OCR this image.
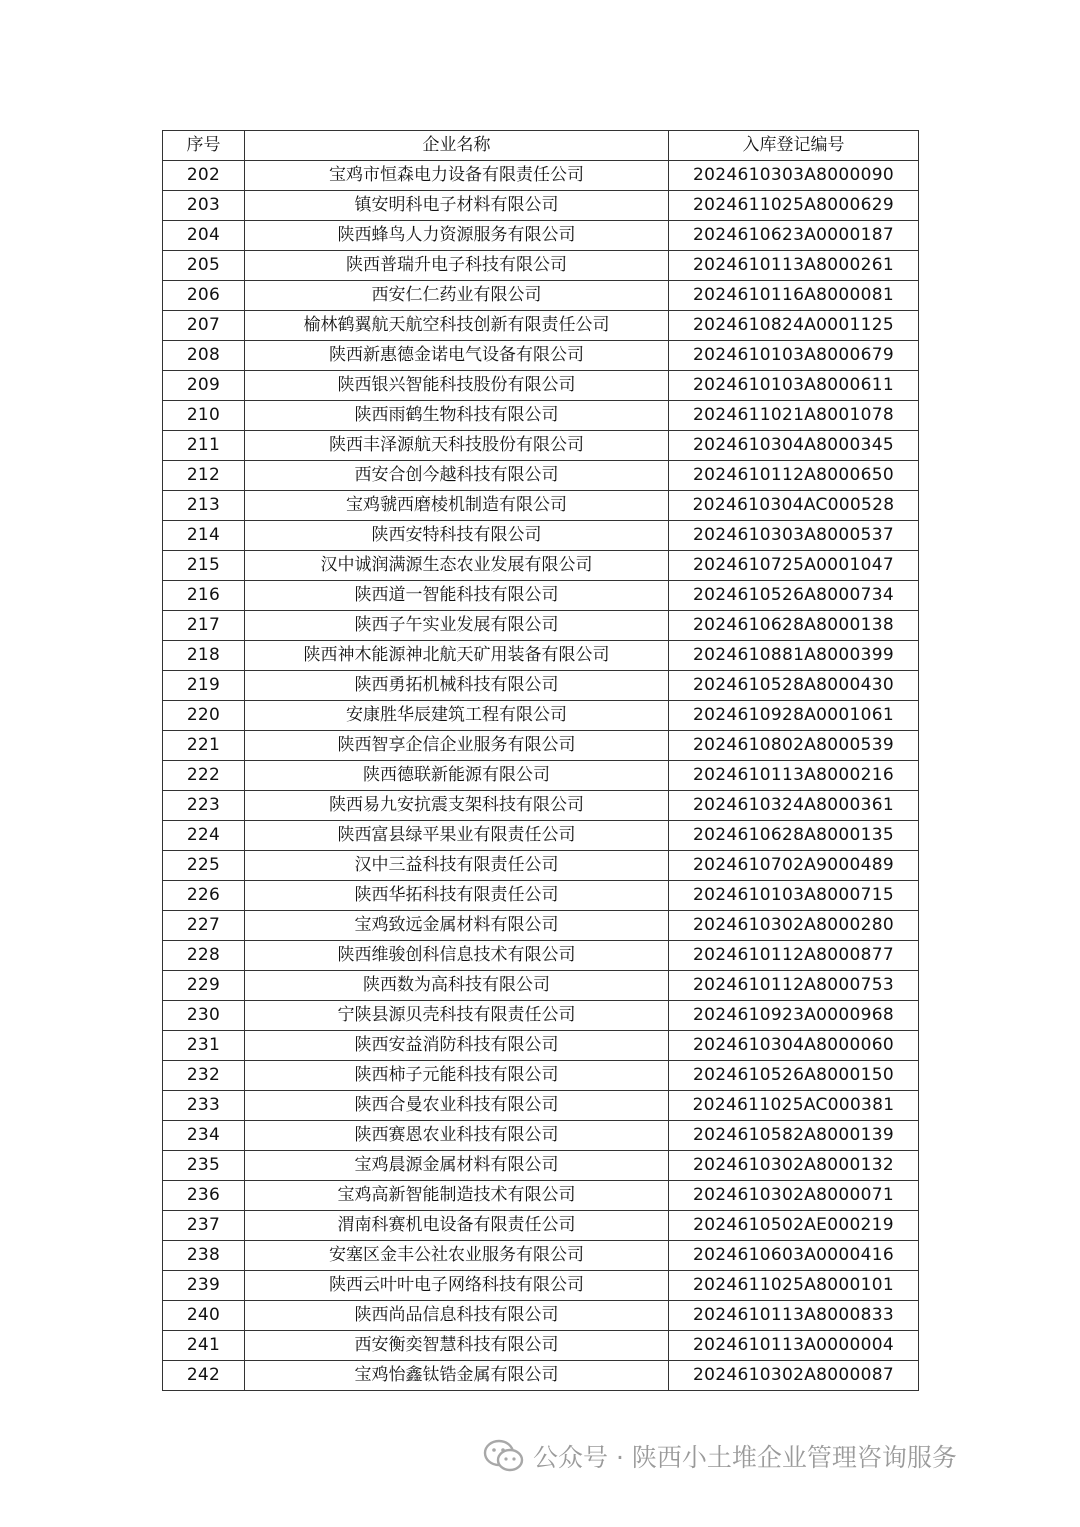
序号	企业名称	入库登记编号
202	宝鸡市恒森电力设备有限责任公司	2024610303A8000090
203	镇安明科电子材料有限公司	2024611025A8000629
204	陕西蜂鸟人力资源服务有限公司	2024610623A0000187
205	陕西普瑞升电子科技有限公司	2024610113A8000261
206	西安仁仁药业有限公司	2024610116A8000081
207	榆林鹤翼航天航空科技创新有限责任公司	2024610824A0001125
208	陕西新惠德金诺电气设备有限公司	2024610103A8000679
209	陕西银兴智能科技股份有限公司	2024610103A8000611
210	陕西雨鹤生物科技有限公司	2024611021A8001078
211	陕西丰泽源航天科技股份有限公司	2024610304A8000345
212	西安合创今越科技有限公司	2024610112A8000650
213	宝鸡虢西磨棱机制造有限公司	2024610304AC000528
214	陕西安特科技有限公司	2024610303A8000537
215	汉中诚润满源生态农业发展有限公司	2024610725A0001047
216	陕西道一智能科技有限公司	2024610526A8000734
217	陕西子午实业发展有限公司	2024610628A8000138
218	陕西神木能源神北航天矿用装备有限公司	2024610881A8000399
219	陕西勇拓机械科技有限公司	2024610528A8000430
220	安康胜华辰建筑工程有限公司	2024610928A0001061
221	陕西智享企信企业服务有限公司	2024610802A8000539
222	陕西德联新能源有限公司	2024610113A8000216
223	陕西易九安抗震支架科技有限公司	2024610324A8000361
224	陕西富县绿平果业有限责任公司	2024610628A8000135
225	汉中三益科技有限责任公司	2024610702A9000489
226	陕西华拓科技有限责任公司	2024610103A8000715
227	宝鸡致远金属材料有限公司	2024610302A8000280
228	陕西维骏创科信息技术有限公司	2024610112A8000877
229	陕西数为高科技有限公司	2024610112A8000753
230	宁陕县源贝壳科技有限责任公司	2024610923A0000968
231	陕西安益消防科技有限公司	2024610304A8000060
232	陕西柿子元能科技有限公司	2024610526A8000150
233	陕西合曼农业科技有限公司	2024611025AC000381
234	陕西赛恩农业科技有限公司	2024610582A8000139
235	宝鸡晨源金属材料有限公司	2024610302A8000132
236	宝鸡高新智能制造技术有限公司	2024610302A8000071
237	渭南科赛机电设备有限责任公司	2024610502AE000219
238	安塞区金丰公社农业服务有限公司	2024610603A0000416
239	陕西云叶叶电子网络科技有限公司	2024611025A8000101
240	陕西尚品信息科技有限公司	2024610113A8000833
241	西安衡奕智慧科技有限公司	2024610113A0000004
242	宝鸡怡鑫钛锆金属有限公司	2024610302A8000087
公众号 · 陕西小土堆企业管理咨询服务
